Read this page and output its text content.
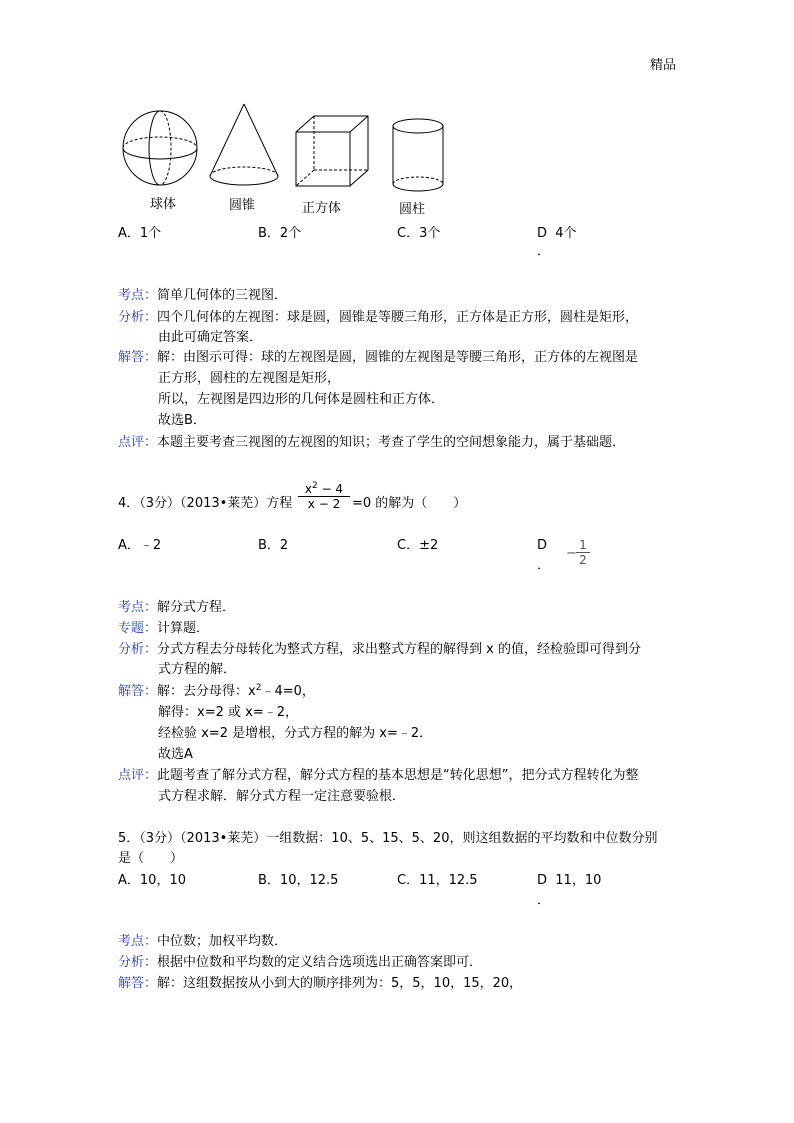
精品
球体	圆锥	正方体	圆柱
A．1个	B．2个	C．3个	D 4个
．
考点：简单几何体的三视图．
分析：四个几何体的左视图：球是圆，圆锥是等腰三角形，正方体是正方形，圆柱是矩形，
由此可确定答案．
解答：解：由图示可得：球的左视图是圆，圆锥的左视图是等腰三角形，正方体的左视图是
正方形，圆柱的左视图是矩形，
所以，左视图是四边形的几何体是圆柱和正方体．
故选B．
点评：本题主要考查三视图的左视图的知识；考查了学生的空间想象能力，属于基础题．
4．（3分）（2013•莱芜）方程 $\frac{x^2 - 4}{x - 2} =0$ 的解为（　　）
A．﹣2	B．2	C．±2	D
．
− $\frac{1}{2}$
考点：解分式方程．
专题：计算题．
分析：分式方程去分母转化为整式方程，求出整式方程的解得到 x 的值，经检验即可得到分
式方程的解．
解答：解：去分母得：$x^2﹣4=0$，
解得：x=2 或 x=﹣2，
经检验 x=2 是增根，分式方程的解为 x=﹣2．
故选A
点评：此题考查了解分式方程，解分式方程的基本思想是“转化思想”，把分式方程转化为整
式方程求解．解分式方程一定注意要验根．
5．（3分）（2013•莱芜）一组数据：10、5、15、5、20，则这组数据的平均数和中位数分别
是（　　）
A．10，10	B．10，12.5	C．11，12.5	D 11，10
．
考点：中位数；加权平均数．
分析：根据中位数和平均数的定义结合选项选出正确答案即可．
解答：解：这组数据按从小到大的顺序排列为：5，5，10，15，20，
